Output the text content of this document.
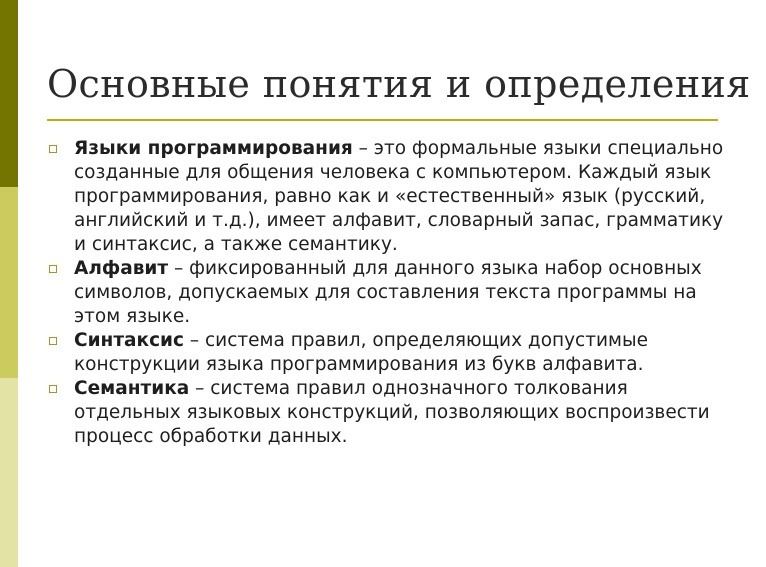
Основные понятия и определения
Языки программирования – это формальные языки специально созданные для общения человека с компьютером. Каждый язык программирования, равно как и «естественный» язык (русский, английский и т.д.), имеет алфавит, словарный запас, грамматику и синтаксис, а также семантику.
Алфавит – фиксированный для данного языка набор основных символов, допускаемых для составления текста программы на этом языке.
Синтаксис – система правил, определяющих допустимые конструкции языка программирования из букв алфавита.
Семантика – система правил однозначного толкования отдельных языковых конструкций, позволяющих воспроизвести процесс обработки данных.
